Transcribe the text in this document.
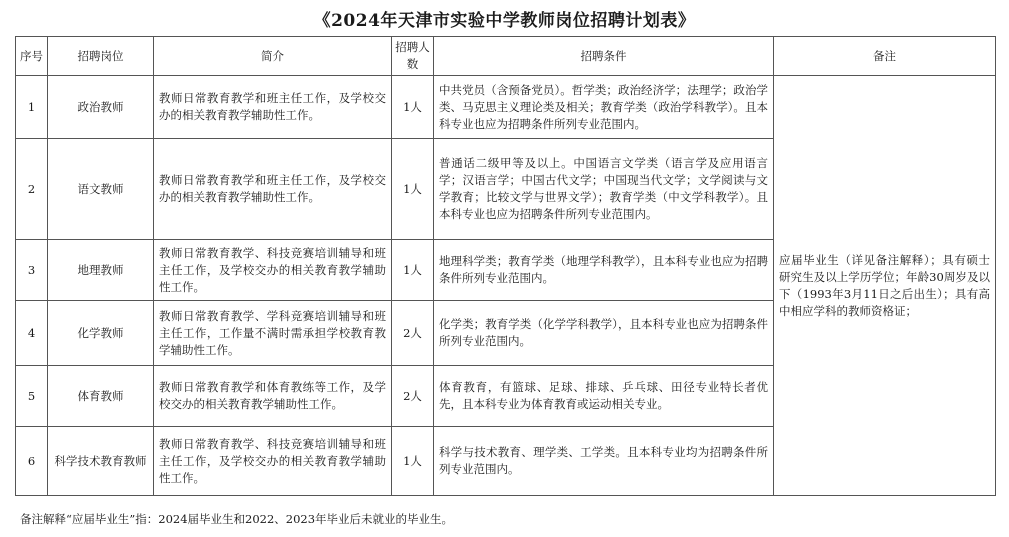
《2024年天津市实验中学教师岗位招聘计划表》
序号	招聘岗位	简介	招聘人数	招聘条件	备注
1	政治教师	教师日常教育教学和班主任工作，及学校交办的相关教育教学辅助性工作。	1人	中共党员（含预备党员）。哲学类；政治经济学；法理学；政治学类、马克思主义理论类及相关；教育学类（政治学科教学）。且本科专业也应为招聘条件所列专业范围内。	应届毕业生（详见备注解释）；具有硕士研究生及以上学历学位；年龄30周岁及以下（1993年3月11日之后出生）；具有高中相应学科的教师资格证；
2	语文教师	教师日常教育教学和班主任工作，及学校交办的相关教育教学辅助性工作。	1人	普通话二级甲等及以上。中国语言文学类（语言学及应用语言学；汉语言学；中国古代文学；中国现当代文学；文学阅读与文学教育；比较文学与世界文学）；教育学类（中文学科教学）。且本科专业也应为招聘条件所列专业范围内。	
3	地理教师	教师日常教育教学、科技竞赛培训辅导和班主任工作，及学校交办的相关教育教学辅助性工作。	1人	地理科学类；教育学类（地理学科教学），且本科专业也应为招聘条件所列专业范围内。	
4	化学教师	教师日常教育教学、学科竞赛培训辅导和班主任工作，工作量不满时需承担学校教育教学辅助性工作。	2人	化学类；教育学类（化学学科教学），且本科专业也应为招聘条件所列专业范围内。	
5	体育教师	教师日常教育教学和体育教练等工作，及学校交办的相关教育教学辅助性工作。	2人	体育教育，有篮球、足球、排球、乒乓球、田径专业特长者优先，且本科专业为体育教育或运动相关专业。	
6	科学技术教育教师	教师日常教育教学、科技竞赛培训辅导和班主任工作，及学校交办的相关教育教学辅助性工作。	1人	科学与技术教育、理学类、工学类。且本科专业均为招聘条件所列专业范围内。	
备注解释“应届毕业生”指：2024届毕业生和2022、2023年毕业后未就业的毕业生。
